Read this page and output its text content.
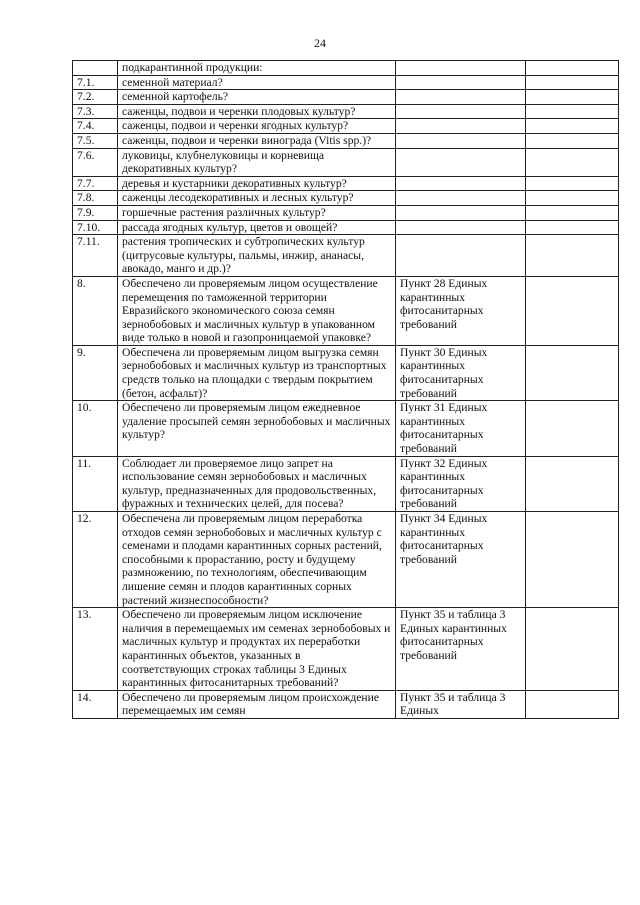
24
	подкарантинной продукции:		
7.1.	семенной материал?		
7.2.	семенной картофель?		
7.3.	саженцы, подвои и черенки плодовых культур?		
7.4.	саженцы, подвои и черенки ягодных культур?		
7.5.	саженцы, подвои и черенки винограда (Vitis spp.)?		
7.6.	луковицы, клубнелуковицы и корневища декоративных культур?		
7.7.	деревья и кустарники декоративных культур?		
7.8.	саженцы лесодекоративных и лесных культур?		
7.9.	горшечные растения различных культур?		
7.10.	рассада ягодных культур, цветов и овощей?		
7.11.	растения тропических и субтропических культур (цитрусовые культуры, пальмы, инжир, ананасы, авокадо, манго и др.)?		
8.	Обеспечено ли проверяемым лицом осуществление перемещения по таможенной территории Евразийского экономического союза семян зернобобовых и масличных культур в упакованном виде только в новой и газопроницаемой упаковке?	Пункт 28 Единых карантинных фитосанитарных требований	
9.	Обеспечена ли проверяемым лицом выгрузка семян зернобобовых и масличных культур из транспортных средств только на площадки с твердым покрытием (бетон, асфальт)?	Пункт 30 Единых карантинных фитосанитарных требований	
10.	Обеспечено ли проверяемым лицом ежедневное удаление просыпей семян зернобобовых и масличных культур?	Пункт 31 Единых карантинных фитосанитарных требований	
11.	Соблюдает ли проверяемое лицо запрет на использование семян зернобобовых и масличных культур, предназначенных для продовольственных, фуражных и технических целей, для посева?	Пункт 32 Единых карантинных фитосанитарных требований	
12.	Обеспечена ли проверяемым лицом переработка отходов семян зернобобовых и масличных культур с семенами и плодами карантинных сорных растений, способными к прорастанию, росту и будущему размножению, по технологиям, обеспечивающим лишение семян и плодов карантинных сорных растений жизнеспособности?	Пункт 34 Единых карантинных фитосанитарных требований	
13.	Обеспечено ли проверяемым лицом исключение наличия в перемещаемых им семенах зернобобовых и масличных культур и продуктах их переработки карантинных объектов, указанных в соответствующих строках таблицы 3 Единых карантинных фитосанитарных требований?	Пункт 35 и таблица 3 Единых карантинных фитосанитарных требований	
14.	Обеспечено ли проверяемым лицом происхождение перемещаемых им семян	Пункт 35 и таблица 3 Единых	
